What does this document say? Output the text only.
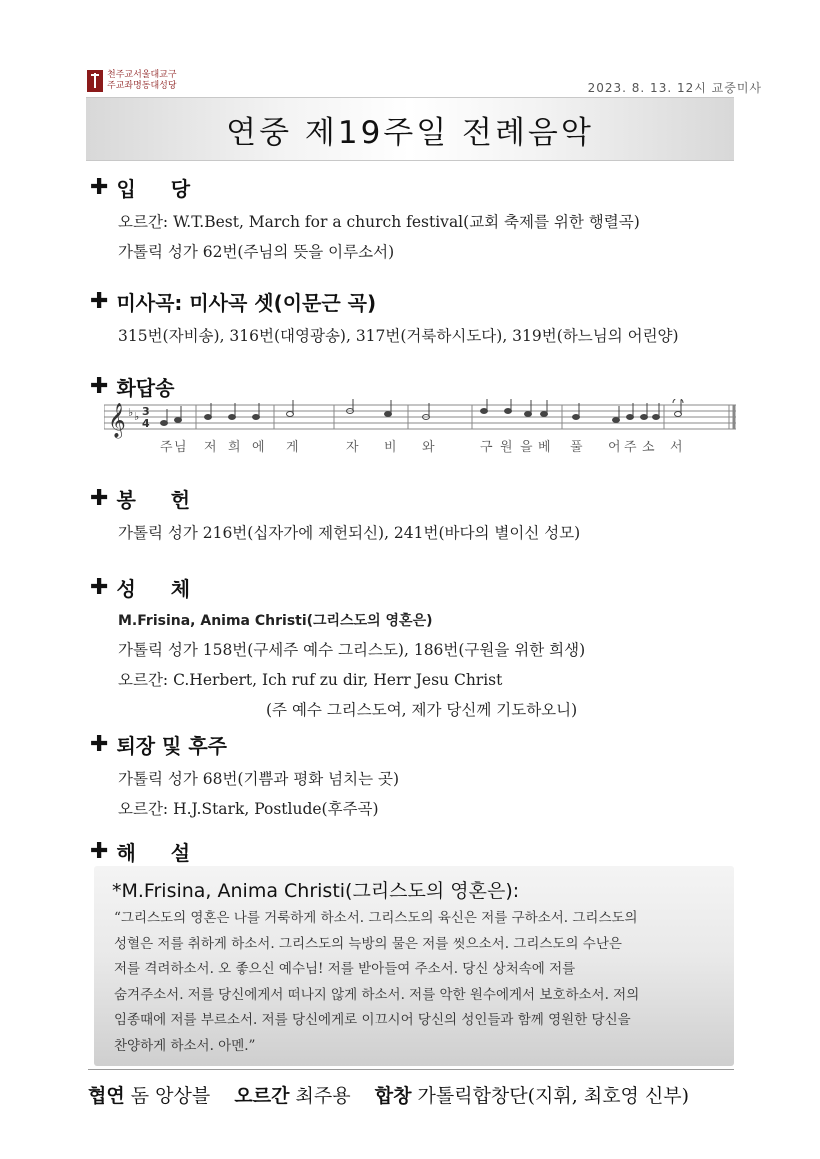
천주교서울대교구
주교좌명동대성당	2023. 8. 13. 12시 교중미사
연중 제19주일 전례음악
✚ 입 당
오르간: W.T.Best, March for a church festival(교회 축제를 위한 행렬곡)
가톨릭 성가 62번(주님의 뜻을 이루소서)
✚ 미사곡: 미사곡 셋(이문근 곡)
315번(자비송), 316번(대영광송), 317번(거룩하시도다), 319번(하느님의 어린양)
✚ 화답송
𝄞 ♭ ♭ 3
4
주 님 저 희 에 게	자 비 와	구 원 을 베 풀 어 주 소 서
✚ 봉 헌
가톨릭 성가 216번(십자가에 제헌되신), 241번(바다의 별이신 성모)
✚ 성 체
M.Frisina, Anima Christi(그리스도의 영혼은)
가톨릭 성가 158번(구세주 예수 그리스도), 186번(구원을 위한 희생)
오르간: C.Herbert, Ich ruf zu dir, Herr Jesu Christ
(주 예수 그리스도여, 제가 당신께 기도하오니)
✚ 퇴장 및 후주
가톨릭 성가 68번(기쁨과 평화 넘치는 곳)
오르간: H.J.Stark, Postlude(후주곡)
✚ 해 설
*M.Frisina, Anima Christi(그리스도의 영혼은):
“그리스도의 영혼은 나를 거룩하게 하소서. 그리스도의 육신은 저를 구하소서. 그리스도의
성혈은 저를 취하게 하소서. 그리스도의 늑방의 물은 저를 씻으소서. 그리스도의 수난은
저를 격려하소서. 오 좋으신 예수님! 저를 받아들여 주소서. 당신 상처속에 저를
숨겨주소서. 저를 당신에게서 떠나지 않게 하소서. 저를 악한 원수에게서 보호하소서. 저의
임종때에 저를 부르소서. 저를 당신에게로 이끄시어 당신의 성인들과 함께 영원한 당신을
찬양하게 하소서. 아멘.”
협연 돔 앙상블 오르간 최주용 합창 가톨릭합창단(지휘, 최호영 신부)
